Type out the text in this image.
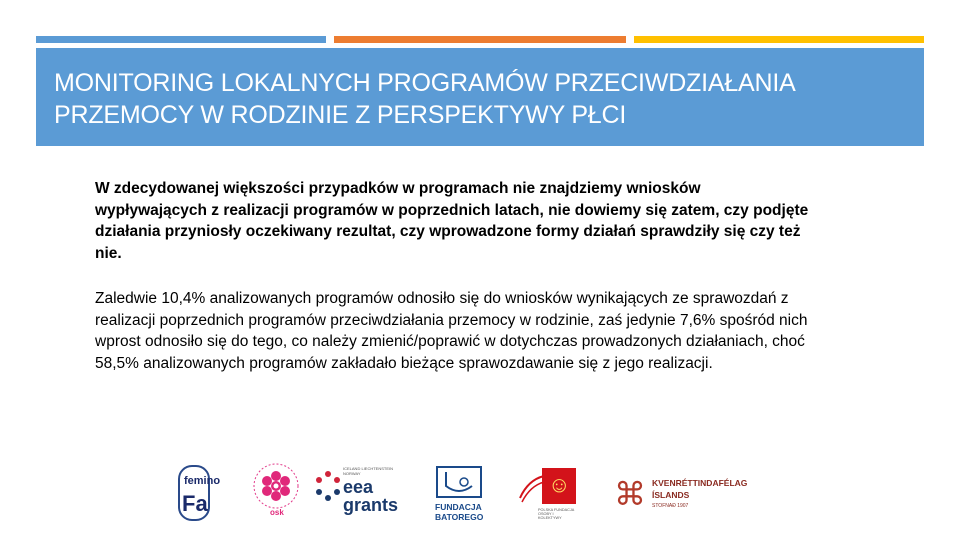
MONITORING LOKALNYCH PROGRAMÓW PRZECIWDZIAŁANIA
PRZEMOCY W RODZINIE Z PERSPEKTYWY PŁCI

W zdecydowanej większości przypadków w programach nie znajdziemy wniosków wypływających z realizacji programów w poprzednich latach, nie dowiemy się zatem, czy podjęte działania przyniosły oczekiwany rezultat, czy wprowadzone formy działań sprawdziły się czy też nie.

Zaledwie 10,4% analizowanych programów odnosiło się do wniosków wynikających ze sprawozdań z realizacji poprzednich programów przeciwdziałania przemocy w rodzinie, zaś jedynie 7,6% spośród nich wprost odnosiło się do tego, co należy zmienić/poprawić w dotychczas prowadzonych działaniach, choć 58,5% analizowanych programów zakładało bieżące sprawozdawanie się z jego realizacji.

femino
Fa	osk
ICELAND LIECHTENSTEIN NORWAY
eea
grants	FUNDACJA
BATOREGO
☺
POLSKA FUNDACJA OSOBY I KOLEKTYWY
⌘ KVENRÉTTINDAFÉLAG
ÍSLANDS
STOFNAÐ 1907
